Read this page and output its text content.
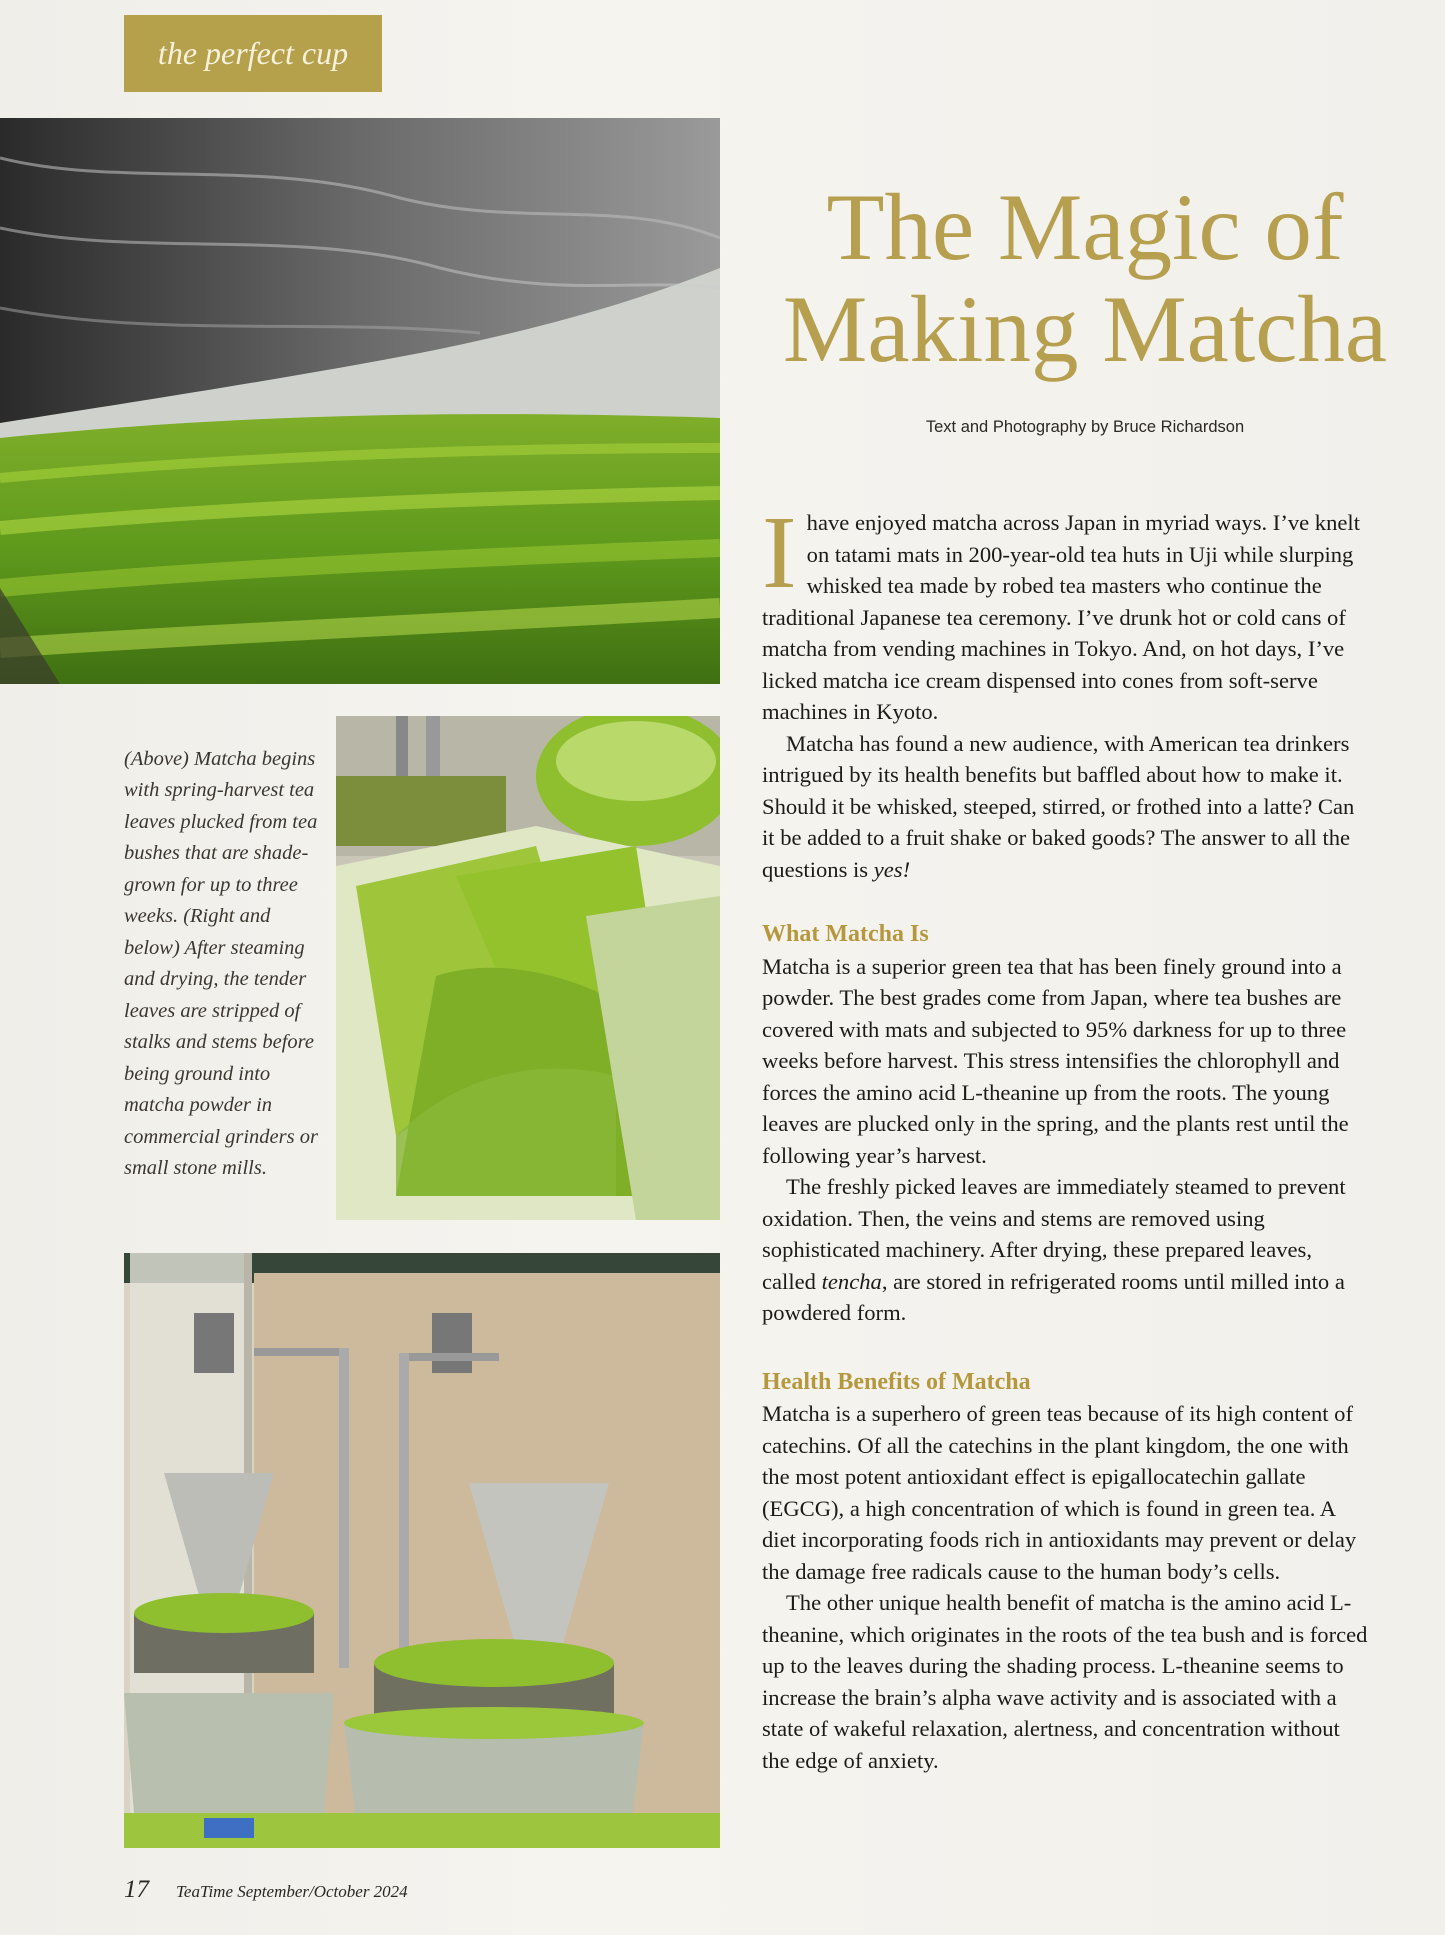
the perfect cup

(Above) Matcha begins with spring-harvest tea leaves plucked from tea bushes that are shade-grown for up to three weeks. (Right and below) After steaming and drying, the tender leaves are stripped of stalks and stems before being ground into matcha powder in commercial grinders or small stone mills.

The Magic of
Making Matcha
Text and Photography by Bruce Richardson

Ihave enjoyed matcha across Japan in myriad ways. I’ve knelt on tatami mats in 200-year-old tea huts in Uji while slurping whisked tea made by robed tea masters who continue the traditional Japanese tea ceremony. I’ve drunk hot or cold cans of matcha from vending machines in Tokyo. And, on hot days, I’ve licked matcha ice cream dispensed into cones from soft-serve machines in Kyoto.

Matcha has found a new audience, with American tea drinkers intrigued by its health benefits but baffled about how to make it. Should it be whisked, steeped, stirred, or frothed into a latte? Can it be added to a fruit shake or baked goods? The answer to all the questions is yes!

What Matcha Is

Matcha is a superior green tea that has been finely ground into a powder. The best grades come from Japan, where tea bushes are covered with mats and subjected to 95% darkness for up to three weeks before harvest. This stress intensifies the chlorophyll and forces the amino acid L-theanine up from the roots. The young leaves are plucked only in the spring, and the plants rest until the following year’s harvest.

The freshly picked leaves are immediately steamed to prevent oxidation. Then, the veins and stems are removed using sophisticated machinery. After drying, these prepared leaves, called tencha, are stored in refrigerated rooms until milled into a powdered form.

Health Benefits of Matcha

Matcha is a superhero of green teas because of its high content of catechins. Of all the catechins in the plant kingdom, the one with the most potent antioxidant effect is epigallocatechin gallate (EGCG), a high concentration of which is found in green tea. A diet incorporating foods rich in antioxidants may prevent or delay the damage free radicals cause to the human body’s cells.

The other unique health benefit of matcha is the amino acid L-theanine, which originates in the roots of the tea bush and is forced up to the leaves during the shading process. L-theanine seems to increase the brain’s alpha wave activity and is associated with a state of wakeful relaxation, alertness, and concentration without the edge of anxiety.

17 TeaTime September/October 2024
